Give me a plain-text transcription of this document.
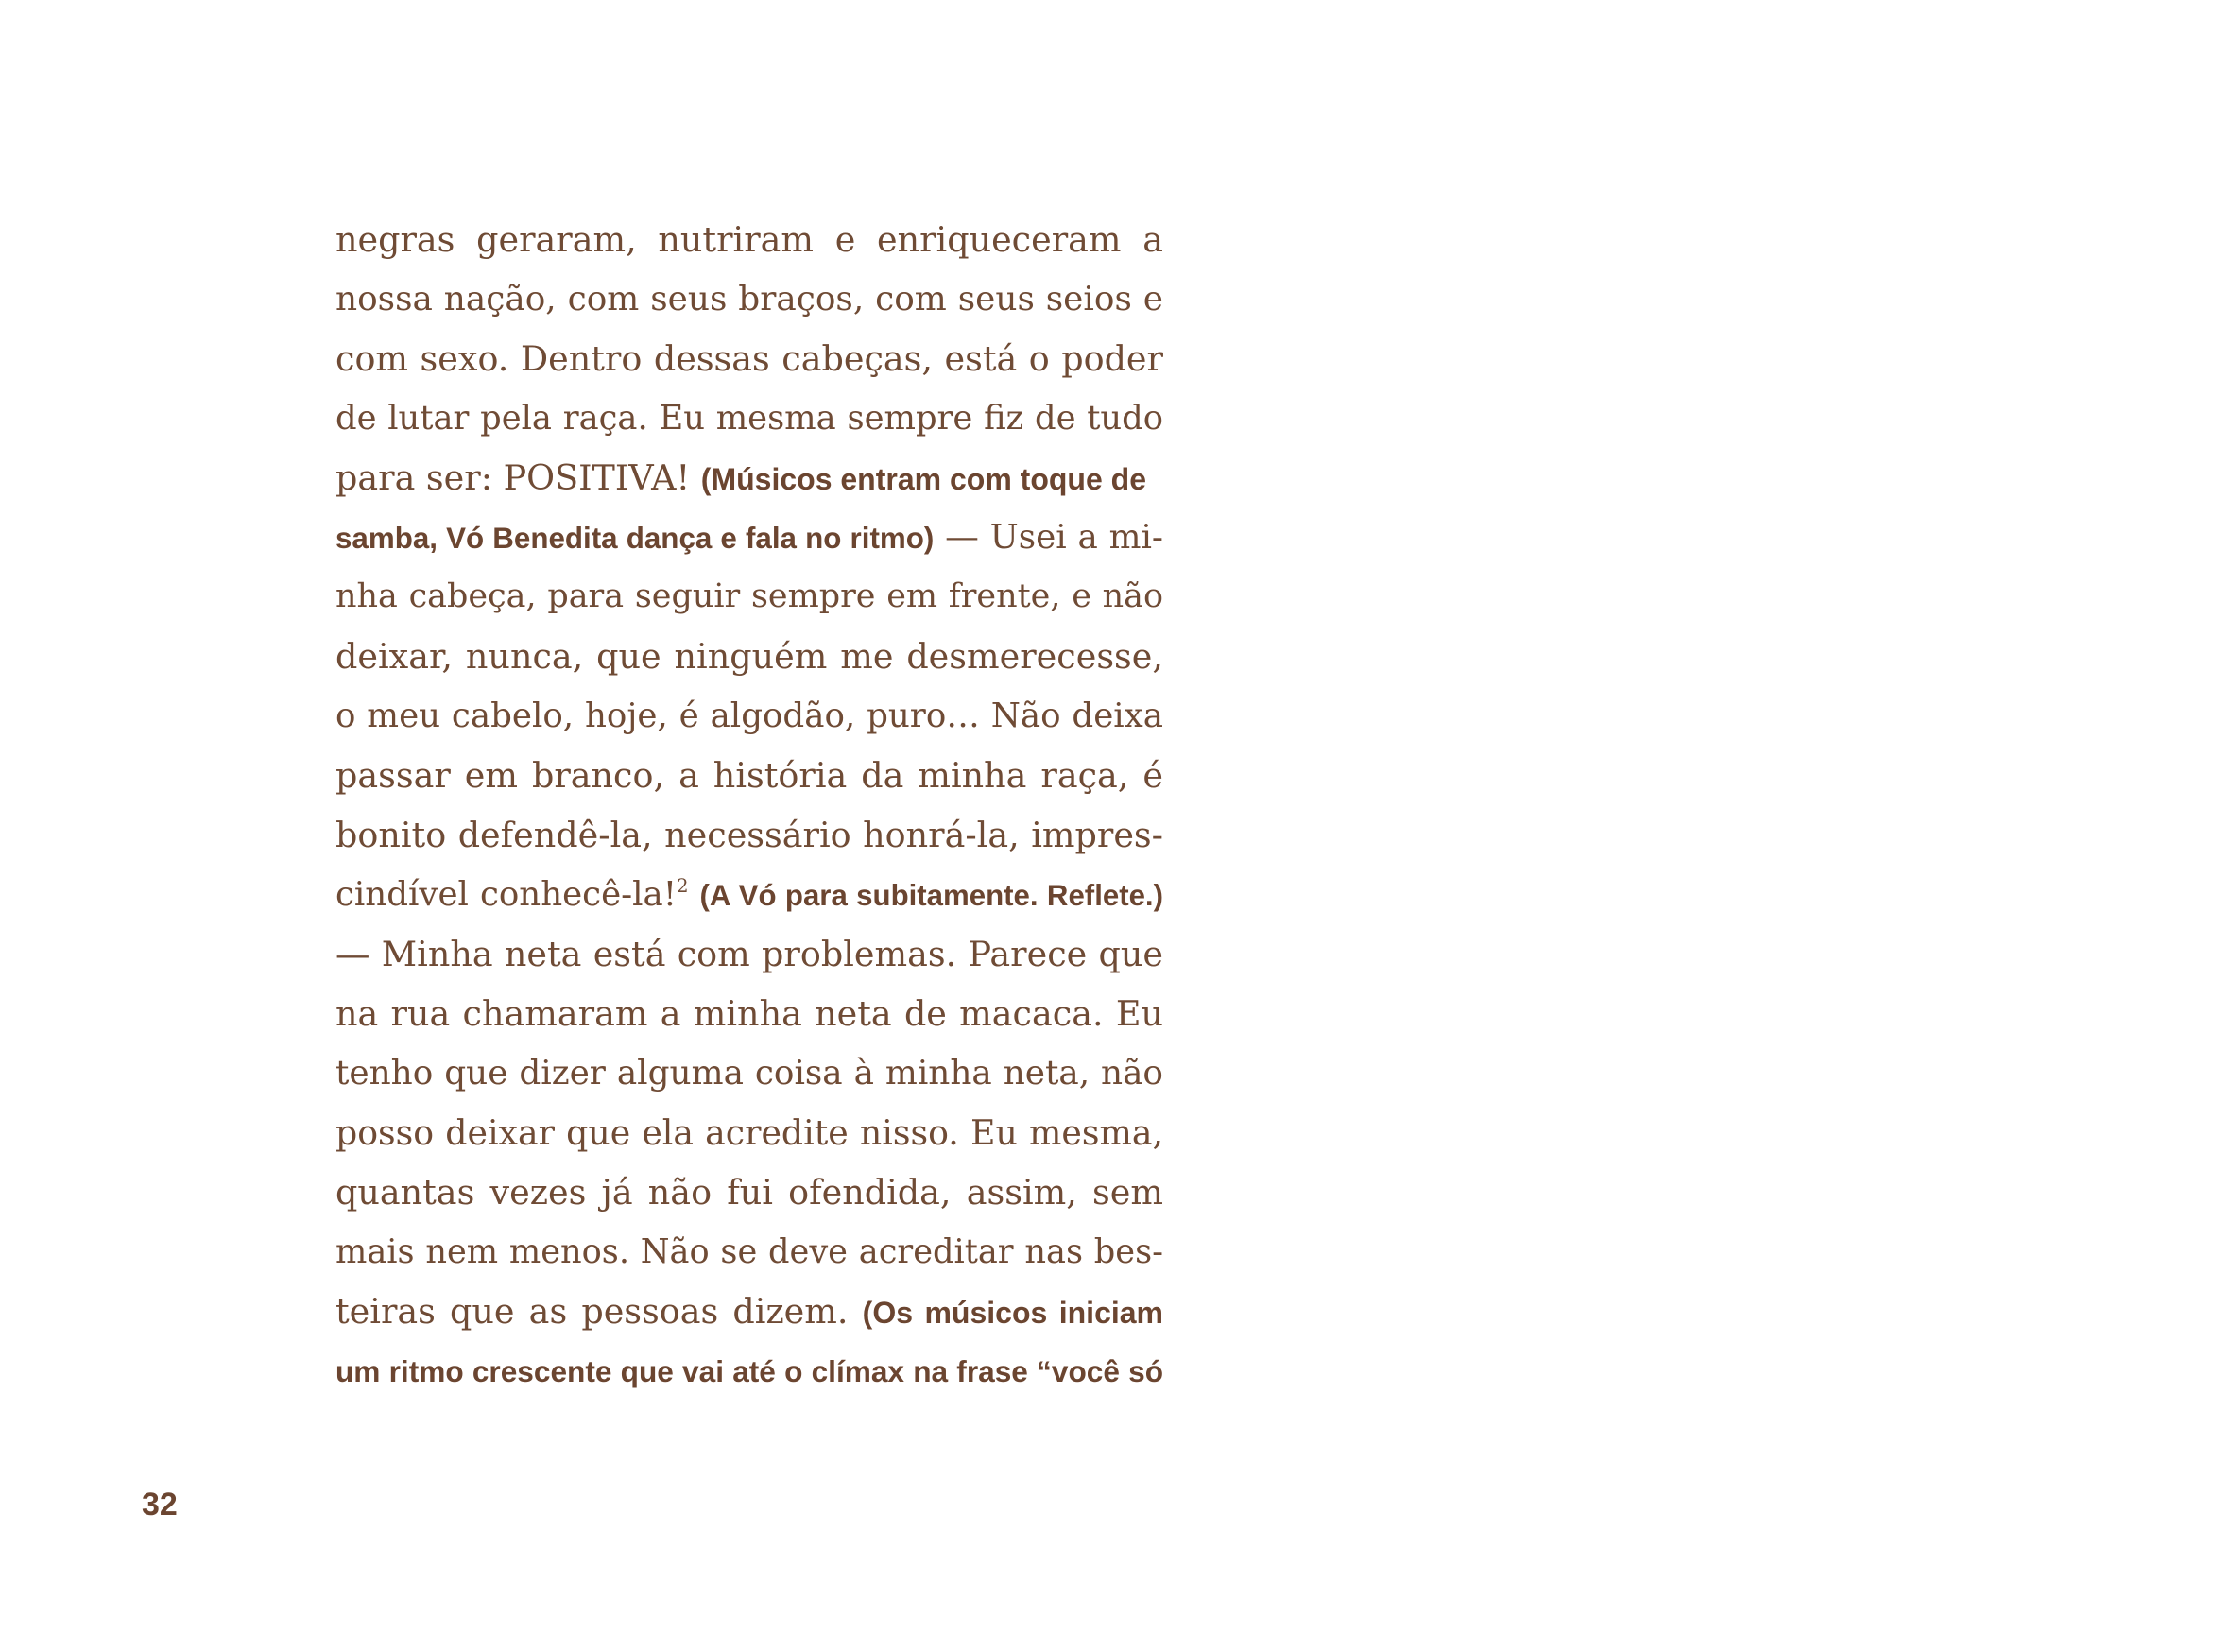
negras geraram, nutriram e enriqueceram a
nossa nação, com seus braços, com seus seios e
com sexo. Dentro dessas cabeças, está o poder
de lutar pela raça. Eu mesma sempre fiz de tudo
para ser: POSITIVA! (Músicos entram com toque de
samba, Vó Benedita dança e fala no ritmo) — Usei a mi-
nha cabeça, para seguir sempre em frente, e não
deixar, nunca, que ninguém me desmerecesse,
o meu cabelo, hoje, é algodão, puro… Não deixa
passar em branco, a história da minha raça, é
bonito defendê-la, necessário honrá-la, impres-
cindível conhecê-la!$^2$ (A Vó para subitamente. Reflete.)
— Minha neta está com problemas. Parece que
na rua chamaram a minha neta de macaca. Eu
tenho que dizer alguma coisa à minha neta, não
posso deixar que ela acredite nisso. Eu mesma,
quantas vezes já não fui ofendida, assim, sem
mais nem menos. Não se deve acreditar nas bes-
teiras que as pessoas dizem. (Os músicos iniciam
um ritmo crescente que vai até o clímax na frase “você só
32
